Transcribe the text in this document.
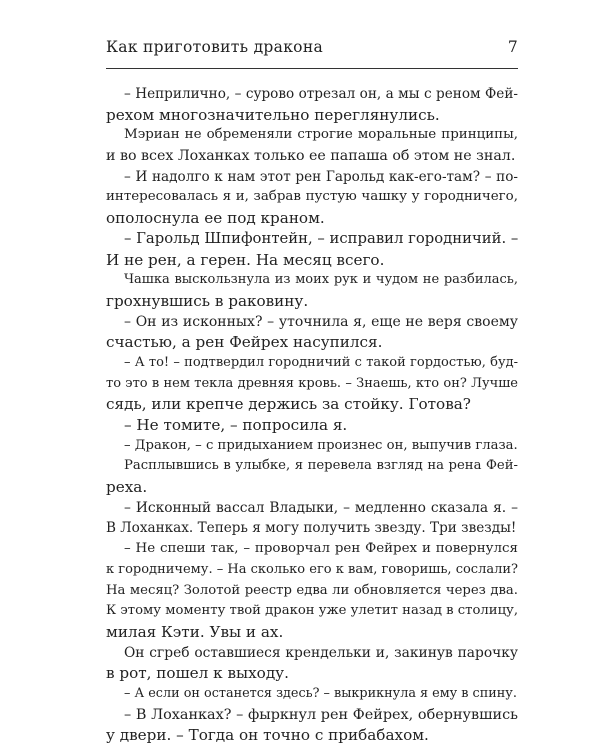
Как приготовить дракона	7
– Неприлично, – сурово отрезал он, а мы с реном Фей-
рехом многозначительно переглянулись.
Мэриан не обременяли строгие моральные принципы,
и во всех Лоханках только ее папаша об этом не знал.
– И надолго к нам этот рен Гарольд как-его-там? – по-
интересовалась я и, забрав пустую чашку у городничего,
ополоснула ее под краном.
– Гарольд Шпифонтейн, – исправил городничий. –
И не рен, а герен. На месяц всего.
Чашка выскользнула из моих рук и чудом не разбилась,
грохнувшись в раковину.
– Он из исконных? – уточнила я, еще не веря своему
счастью, а рен Фейрех насупился.
– А то! – подтвердил городничий с такой гордостью, буд-
то это в нем текла древняя кровь. – Знаешь, кто он? Лучше
сядь, или крепче держись за стойку. Готова?
– Не томите, – попросила я.
– Дракон, – с придыханием произнес он, выпучив глаза.
Расплывшись в улыбке, я перевела взгляд на рена Фей-
реха.
– Исконный вассал Владыки, – медленно сказала я. –
В Лоханках. Теперь я могу получить звезду. Три звезды!
– Не спеши так, – проворчал рен Фейрех и повернулся
к городничему. – На сколько его к вам, говоришь, сослали?
На месяц? Золотой реестр едва ли обновляется через два.
К этому моменту твой дракон уже улетит назад в столицу,
милая Кэти. Увы и ах.
Он сгреб оставшиеся крендельки и, закинув парочку
в рот, пошел к выходу.
– А если он останется здесь? – выкрикнула я ему в спину.
– В Лоханках? – фыркнул рен Фейрех, обернувшись
у двери. – Тогда он точно с прибабахом.
